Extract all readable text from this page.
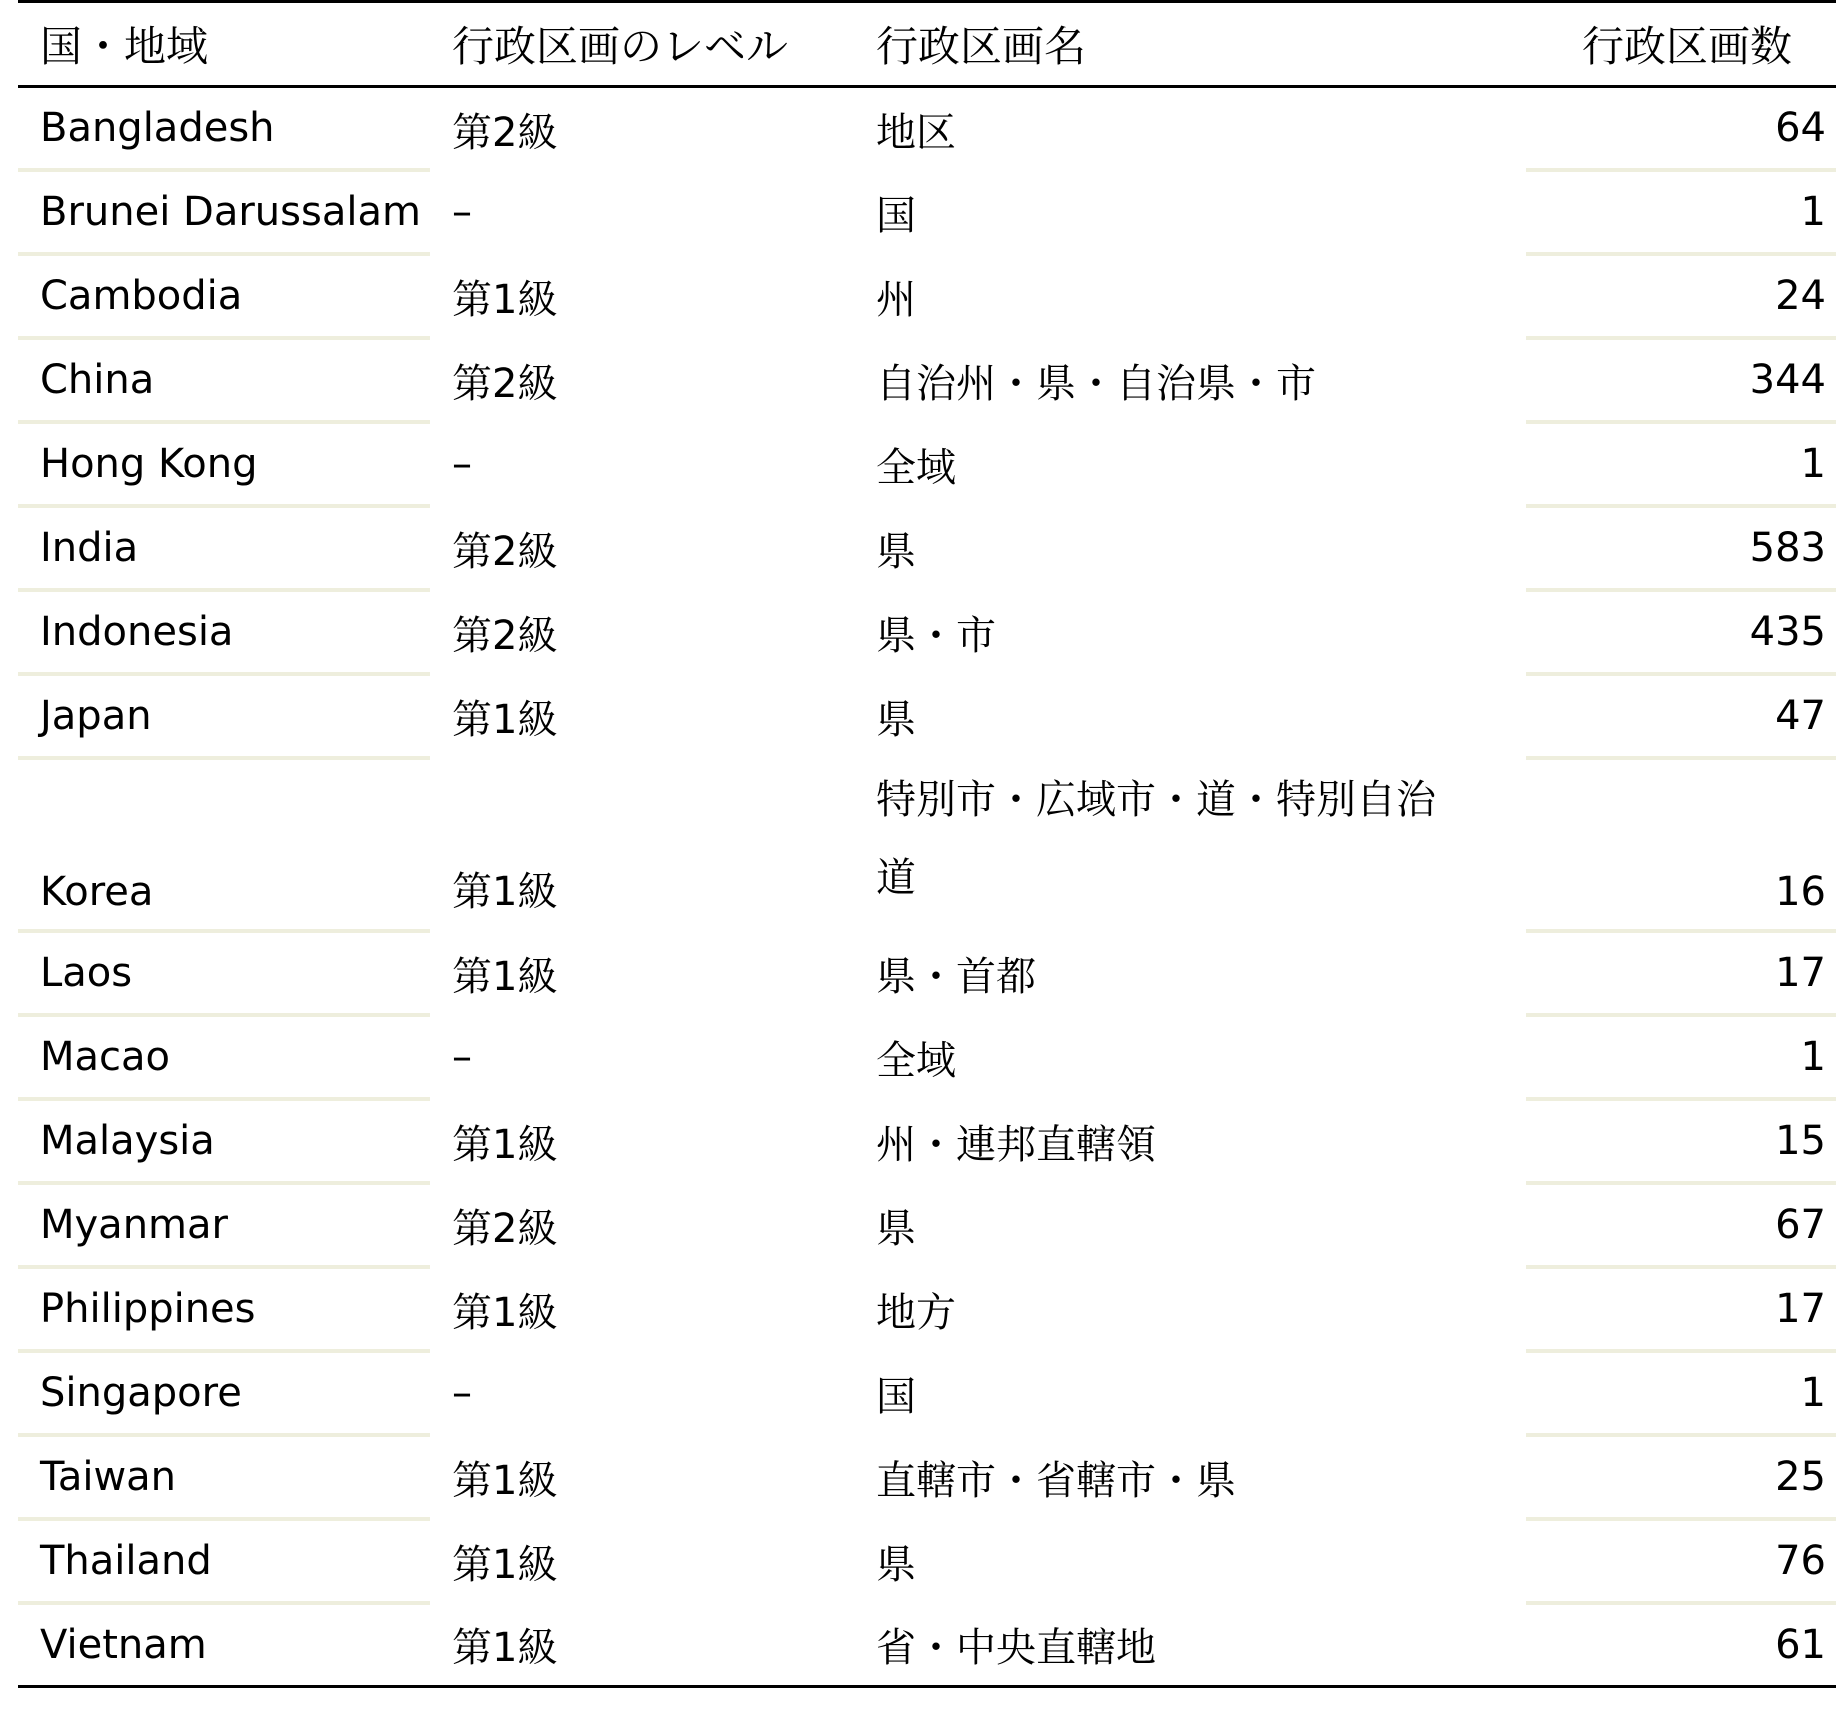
国・地域	行政区画のレベル	行政区画名	行政区画数
Bangladesh	第2級	地区	64
Brunei Darussalam	–	国	1
Cambodia	第1級	州	24
China	第2級	自治州・県・自治県・市	344
Hong Kong	–	全域	1
India	第2級	県	583
Indonesia	第2級	県・市	435
Japan	第1級	県	47
Korea	第1級	特別市・広域市・道・特別自治道	16
Laos	第1級	県・首都	17
Macao	–	全域	1
Malaysia	第1級	州・連邦直轄領	15
Myanmar	第2級	県	67
Philippines	第1級	地方	17
Singapore	–	国	1
Taiwan	第1級	直轄市・省轄市・県	25
Thailand	第1級	県	76
Vietnam	第1級	省・中央直轄地	61
